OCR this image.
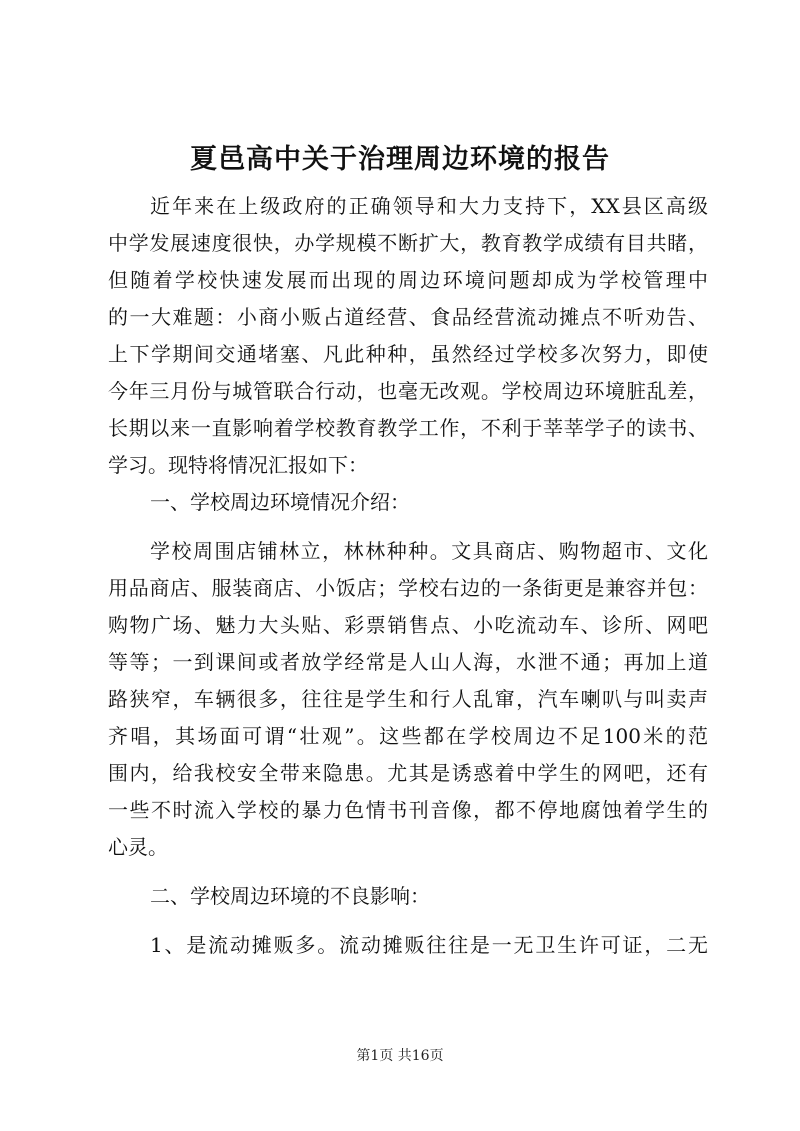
夏邑高中关于治理周边环境的报告
近年来在上级政府的正确领导和大力支持下，XX县区高级
中学发展速度很快，办学规模不断扩大，教育教学成绩有目共睹，
但随着学校快速发展而出现的周边环境问题却成为学校管理中
的一大难题：小商小贩占道经营、食品经营流动摊点不听劝告、
上下学期间交通堵塞、凡此种种，虽然经过学校多次努力，即使
今年三月份与城管联合行动，也毫无改观。学校周边环境脏乱差，
长期以来一直影响着学校教育教学工作，不利于莘莘学子的读书、
学习。现特将情况汇报如下：
一、学校周边环境情况介绍：
学校周围店铺林立，林林种种。文具商店、购物超市、文化
用品商店、服装商店、小饭店；学校右边的一条街更是兼容并包：
购物广场、魅力大头贴、彩票销售点、小吃流动车、诊所、网吧
等等；一到课间或者放学经常是人山人海，水泄不通；再加上道
路狭窄，车辆很多，往往是学生和行人乱窜，汽车喇叭与叫卖声
齐唱，其场面可谓“壮观”。这些都在学校周边不足100米的范
围内，给我校安全带来隐患。尤其是诱惑着中学生的网吧，还有
一些不时流入学校的暴力色情书刊音像，都不停地腐蚀着学生的
心灵。
二、学校周边环境的不良影响：
1、是流动摊贩多。流动摊贩往往是一无卫生许可证，二无
第1页 共16页
